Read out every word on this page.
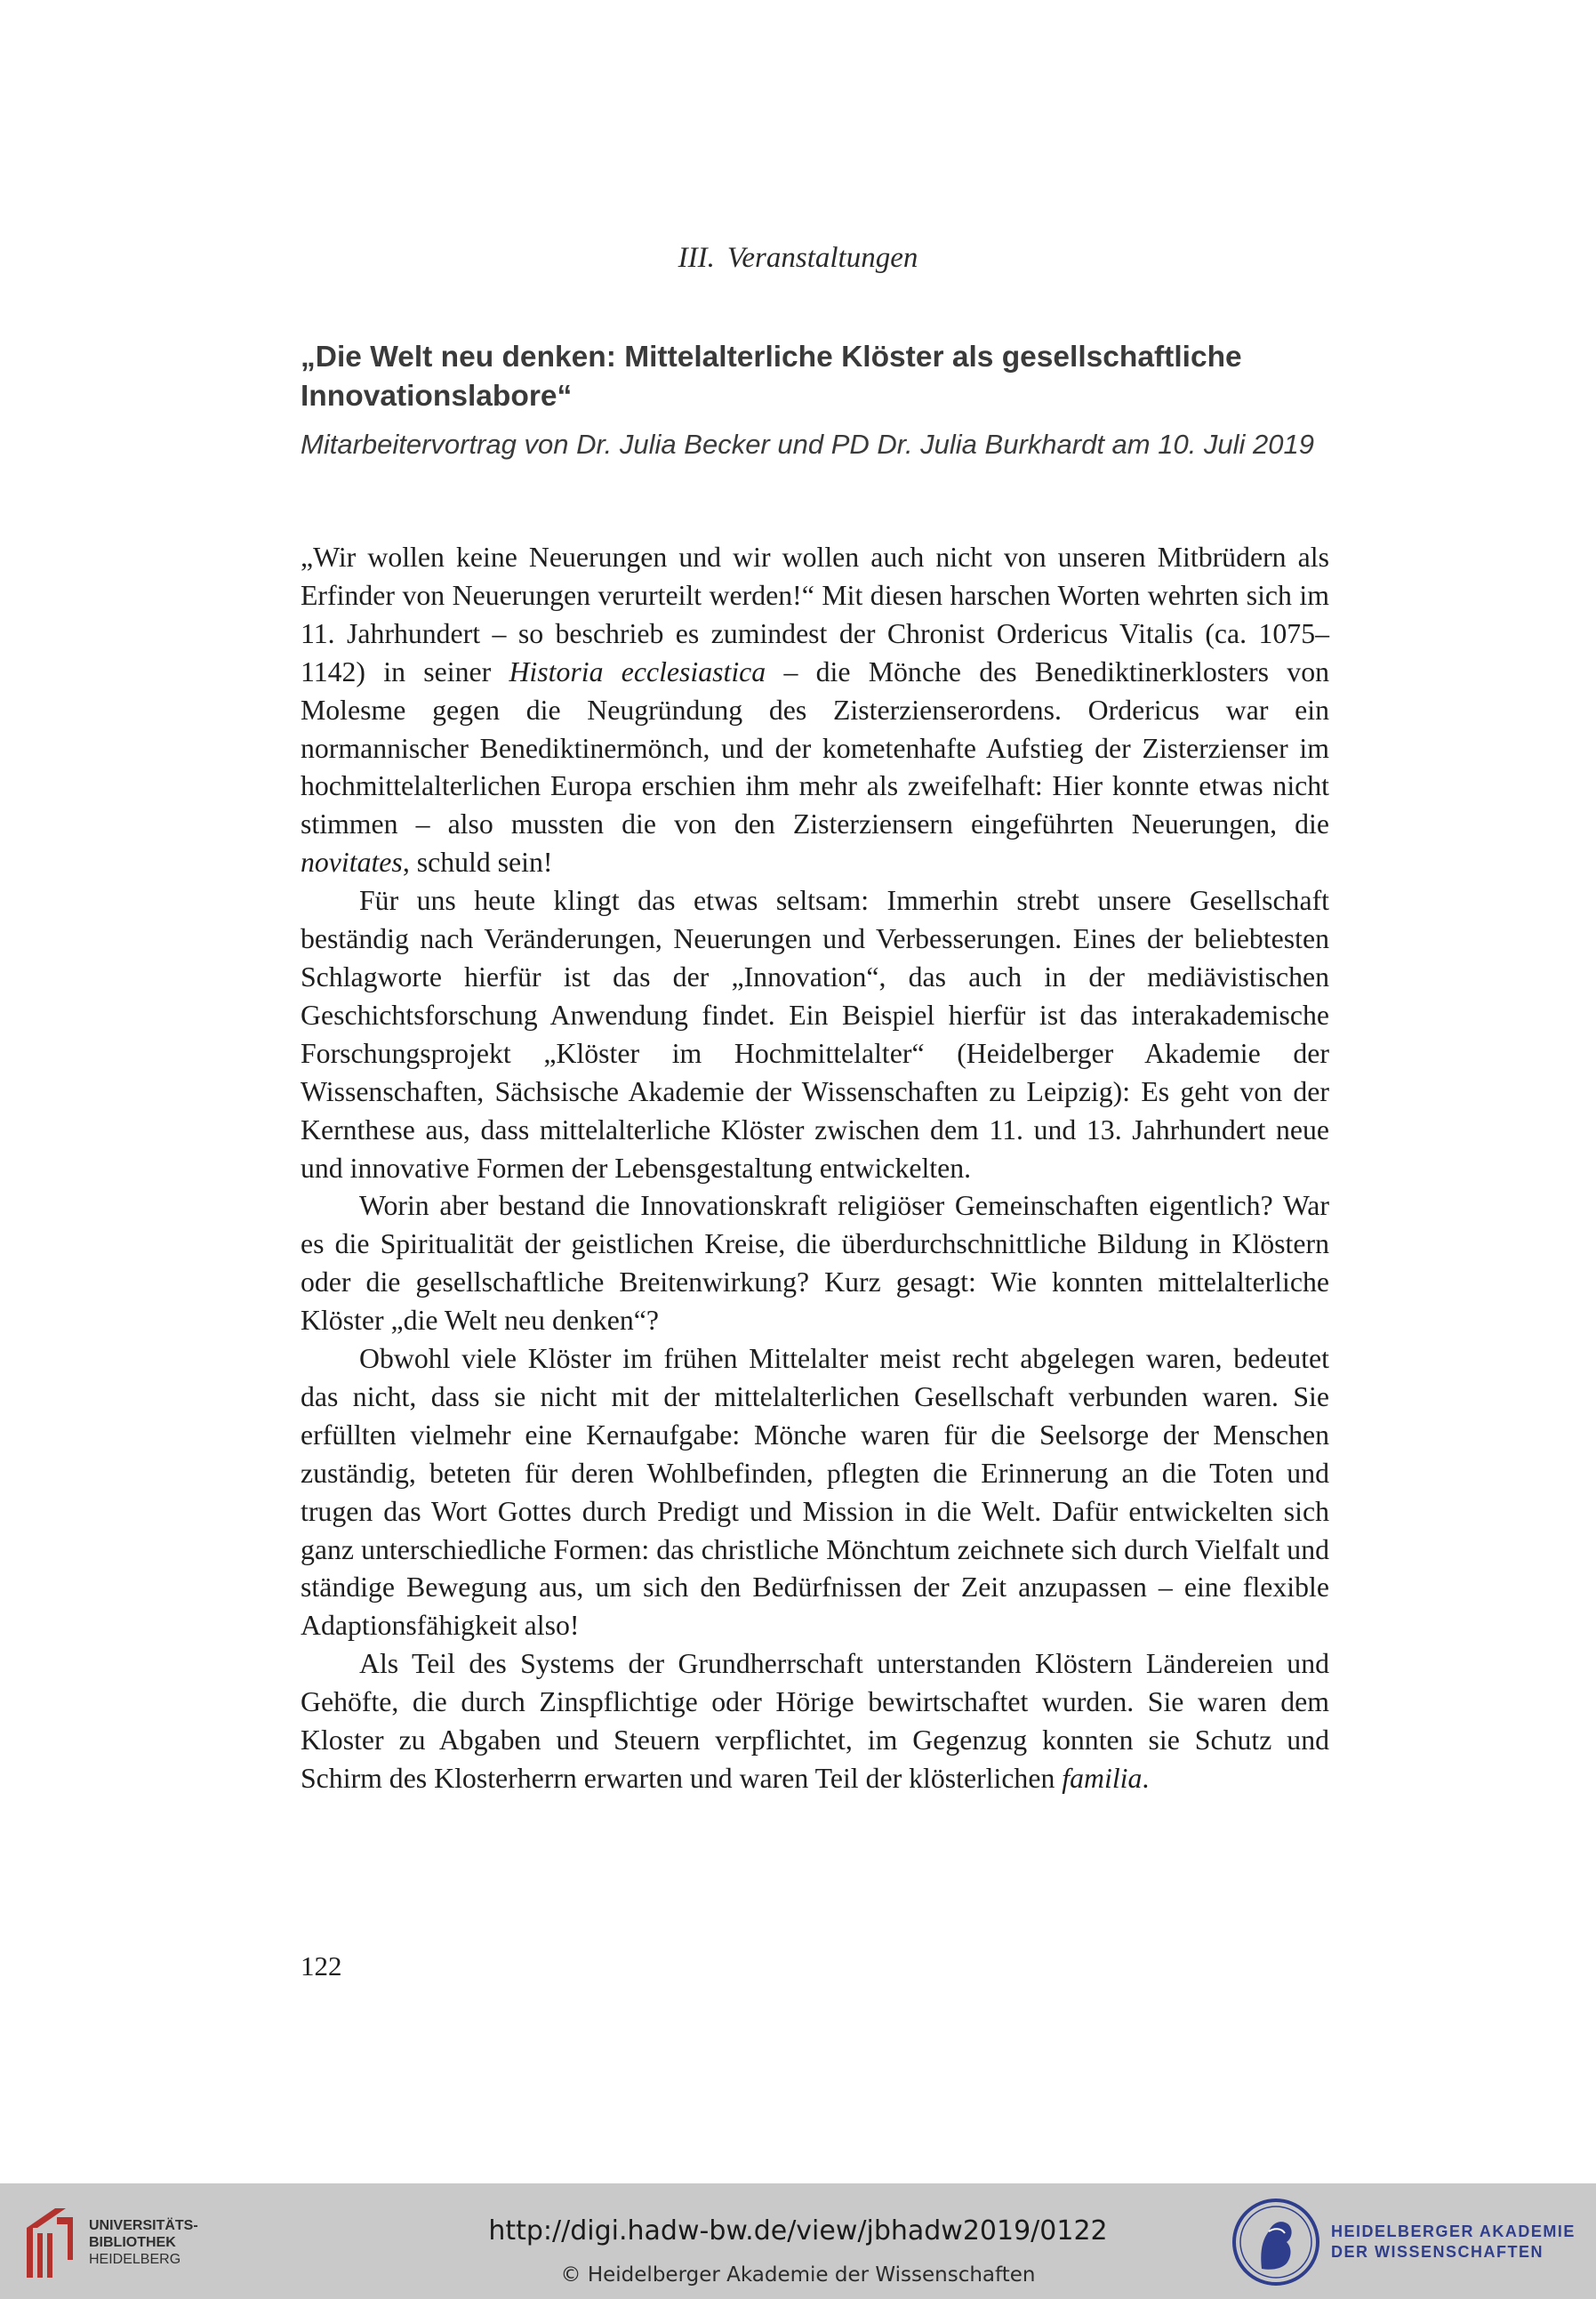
III. Veranstaltungen
„Die Welt neu denken: Mittelalterliche Klöster als gesellschaftliche Innovationslabore“
Mitarbeitervortrag von Dr. Julia Becker und PD Dr. Julia Burkhardt am 10. Juli 2019

„Wir wollen keine Neuerungen und wir wollen auch nicht von unseren Mitbrüdern als Erfinder von Neuerungen verurteilt werden!“ Mit diesen harschen Worten wehrten sich im 11. Jahrhundert – so beschrieb es zumindest der Chronist Ordericus Vitalis (ca. 1075–1142) in seiner Historia ecclesiastica – die Mönche des Benediktinerklosters von Molesme gegen die Neugründung des Zisterzienserordens. Ordericus war ein normannischer Benediktinermönch, und der kometenhafte Aufstieg der Zisterzienser im hochmittelalterlichen Europa erschien ihm mehr als zweifelhaft: Hier konnte etwas nicht stimmen – also mussten die von den Zisterziensern eingeführten Neuerungen, die novitates, schuld sein!

Für uns heute klingt das etwas seltsam: Immerhin strebt unsere Gesellschaft beständig nach Veränderungen, Neuerungen und Verbesserungen. Eines der beliebtesten Schlagworte hierfür ist das der „Innovation“, das auch in der mediävistischen Geschichtsforschung Anwendung findet. Ein Beispiel hierfür ist das interakademische Forschungsprojekt „Klöster im Hochmittelalter“ (Heidelberger Akademie der Wissenschaften, Sächsische Akademie der Wissenschaften zu Leipzig): Es geht von der Kernthese aus, dass mittelalterliche Klöster zwischen dem 11. und 13. Jahrhundert neue und innovative Formen der Lebensgestaltung entwickelten.

Worin aber bestand die Innovationskraft religiöser Gemeinschaften eigentlich? War es die Spiritualität der geistlichen Kreise, die überdurchschnittliche Bildung in Klöstern oder die gesellschaftliche Breitenwirkung? Kurz gesagt: Wie konnten mittelalterliche Klöster „die Welt neu denken“?

Obwohl viele Klöster im frühen Mittelalter meist recht abgelegen waren, bedeutet das nicht, dass sie nicht mit der mittelalterlichen Gesellschaft verbunden waren. Sie erfüllten vielmehr eine Kernaufgabe: Mönche waren für die Seelsorge der Menschen zuständig, beteten für deren Wohlbefinden, pflegten die Erinnerung an die Toten und trugen das Wort Gottes durch Predigt und Mission in die Welt. Dafür entwickelten sich ganz unterschiedliche Formen: das christliche Mönchtum zeichnete sich durch Vielfalt und ständige Bewegung aus, um sich den Bedürfnissen der Zeit anzupassen – eine flexible Adaptionsfähigkeit also!

Als Teil des Systems der Grundherrschaft unterstanden Klöstern Ländereien und Gehöfte, die durch Zinspflichtige oder Hörige bewirtschaftet wurden. Sie waren dem Kloster zu Abgaben und Steuern verpflichtet, im Gegenzug konnten sie Schutz und Schirm des Klosterherrn erwarten und waren Teil der klösterlichen familia.

122
UNIVERSITÄTS-
BIBLIOTHEK
HEIDELBERG
http://digi.hadw-bw.de/view/jbhadw2019/0122
© Heidelberger Akademie der Wissenschaften
HEIDELBERGER AKADEMIE
DER WISSENSCHAFTEN
